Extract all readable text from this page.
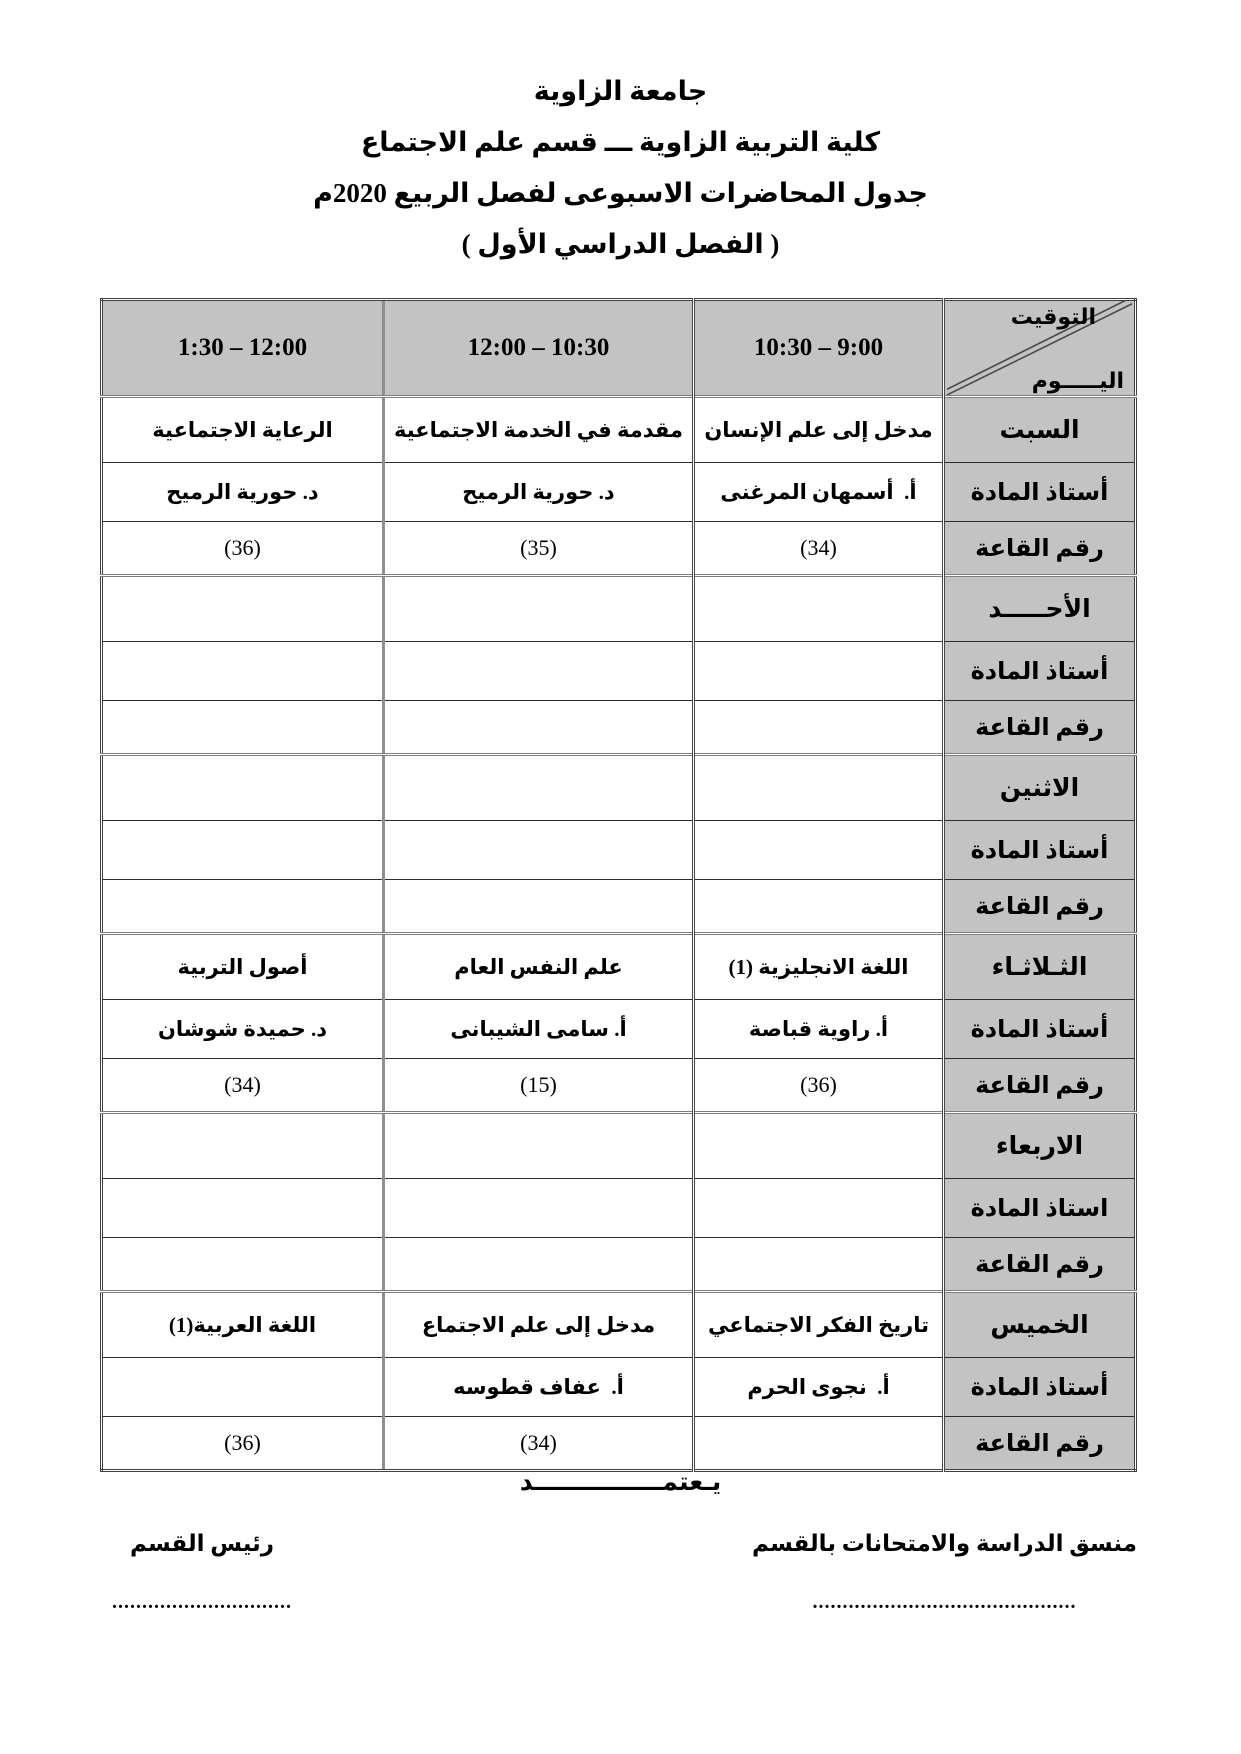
جامعة الزاوية
كلية التربية الزاوية ـــ قسم علم الاجتماع
جدول المحاضرات الاسبوعى لفصل الربيع 2020م
( الفصل الدراسي الأول )

التوقيت

اليـــــوم	10:30 – 9:00	12:00 – 10:30	1:30 – 12:00
السبت	مدخل إلى علم الإنسان	مقدمة في الخدمة الاجتماعية	الرعاية الاجتماعية
أستاذ المادة	أ.  أسمهان المرغنى	د. حورية الرميح	د. حورية الرميح
رقم القاعة	(34)	(35)	(36)
الأحـــــد			
أستاذ المادة			
رقم القاعة			
الاثنين			
أستاذ المادة			
رقم القاعة			
الثـلاثـاء	اللغة الانجليزية (1)	علم النفس العام	أصول التربية
أستاذ المادة	أ. راوية قباصة	أ. سامى الشيبانى	د. حميدة شوشان
رقم القاعة	(36)	(15)	(34)
الاربعاء			
استاذ المادة			
رقم القاعة			
الخميس	تاريخ الفكر الاجتماعي	مدخل إلى علم الاجتماع	اللغة العربية(1)
أستاذ المادة	أ.  نجوى الحرم	أ.  عفاف قطوسه	
رقم القاعة		(34)	(36)
يـعتمـــــــــــــــد
منسق الدراسة والامتحانات بالقسم
............................................
رئيس القسم
..............................
